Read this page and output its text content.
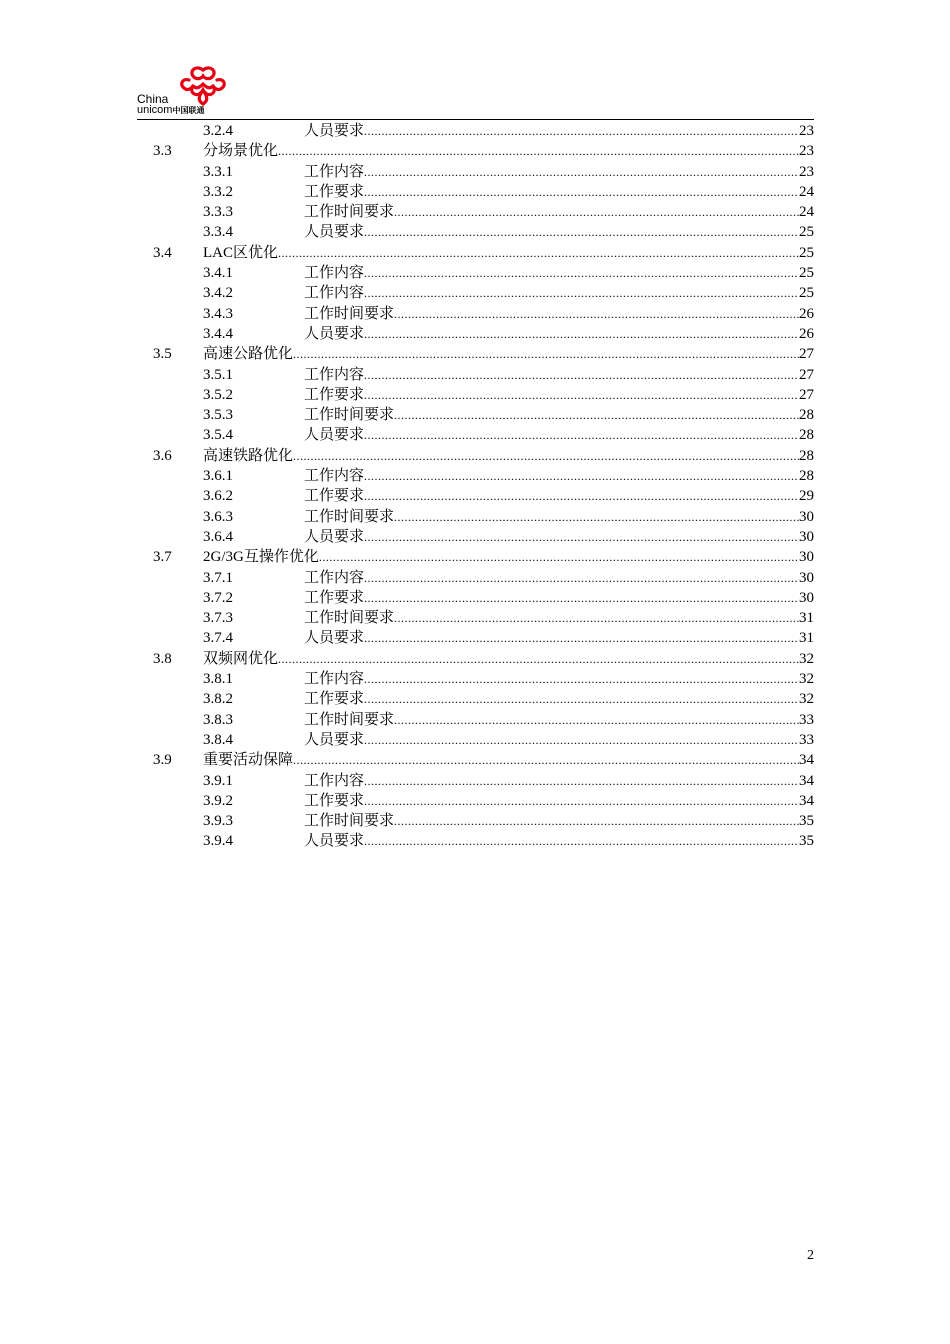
China
unicom中国联通
3.2.4	人员要求 .....	23
3.3 分场景优化 .....	23
3.3.1	工作内容 .....	23
3.3.2	工作要求 .....	24
3.3.3	工作时间要求 .....	24
3.3.4	人员要求 .....	25
3.4 LAC区优化 .....	25
3.4.1	工作内容 .....	25
3.4.2	工作内容 .....	25
3.4.3	工作时间要求 .....	26
3.4.4	人员要求 .....	26
3.5 高速公路优化 .....	27
3.5.1	工作内容 .....	27
3.5.2	工作要求 .....	27
3.5.3	工作时间要求 .....	28
3.5.4	人员要求 .....	28
3.6 高速铁路优化 .....	28
3.6.1	工作内容 .....	28
3.6.2	工作要求 .....	29
3.6.3	工作时间要求 .....	30
3.6.4	人员要求 .....	30
3.7 2G/3G互操作优化 .....	30
3.7.1	工作内容 .....	30
3.7.2	工作要求 .....	30
3.7.3	工作时间要求 .....	31
3.7.4	人员要求 .....	31
3.8 双频网优化 .....	32
3.8.1	工作内容 .....	32
3.8.2	工作要求 .....	32
3.8.3	工作时间要求 .....	33
3.8.4	人员要求 .....	33
3.9 重要活动保障 .....	34
3.9.1	工作内容 .....	34
3.9.2	工作要求 .....	34
3.9.3	工作时间要求 .....	35
3.9.4	人员要求 .....	35
2
